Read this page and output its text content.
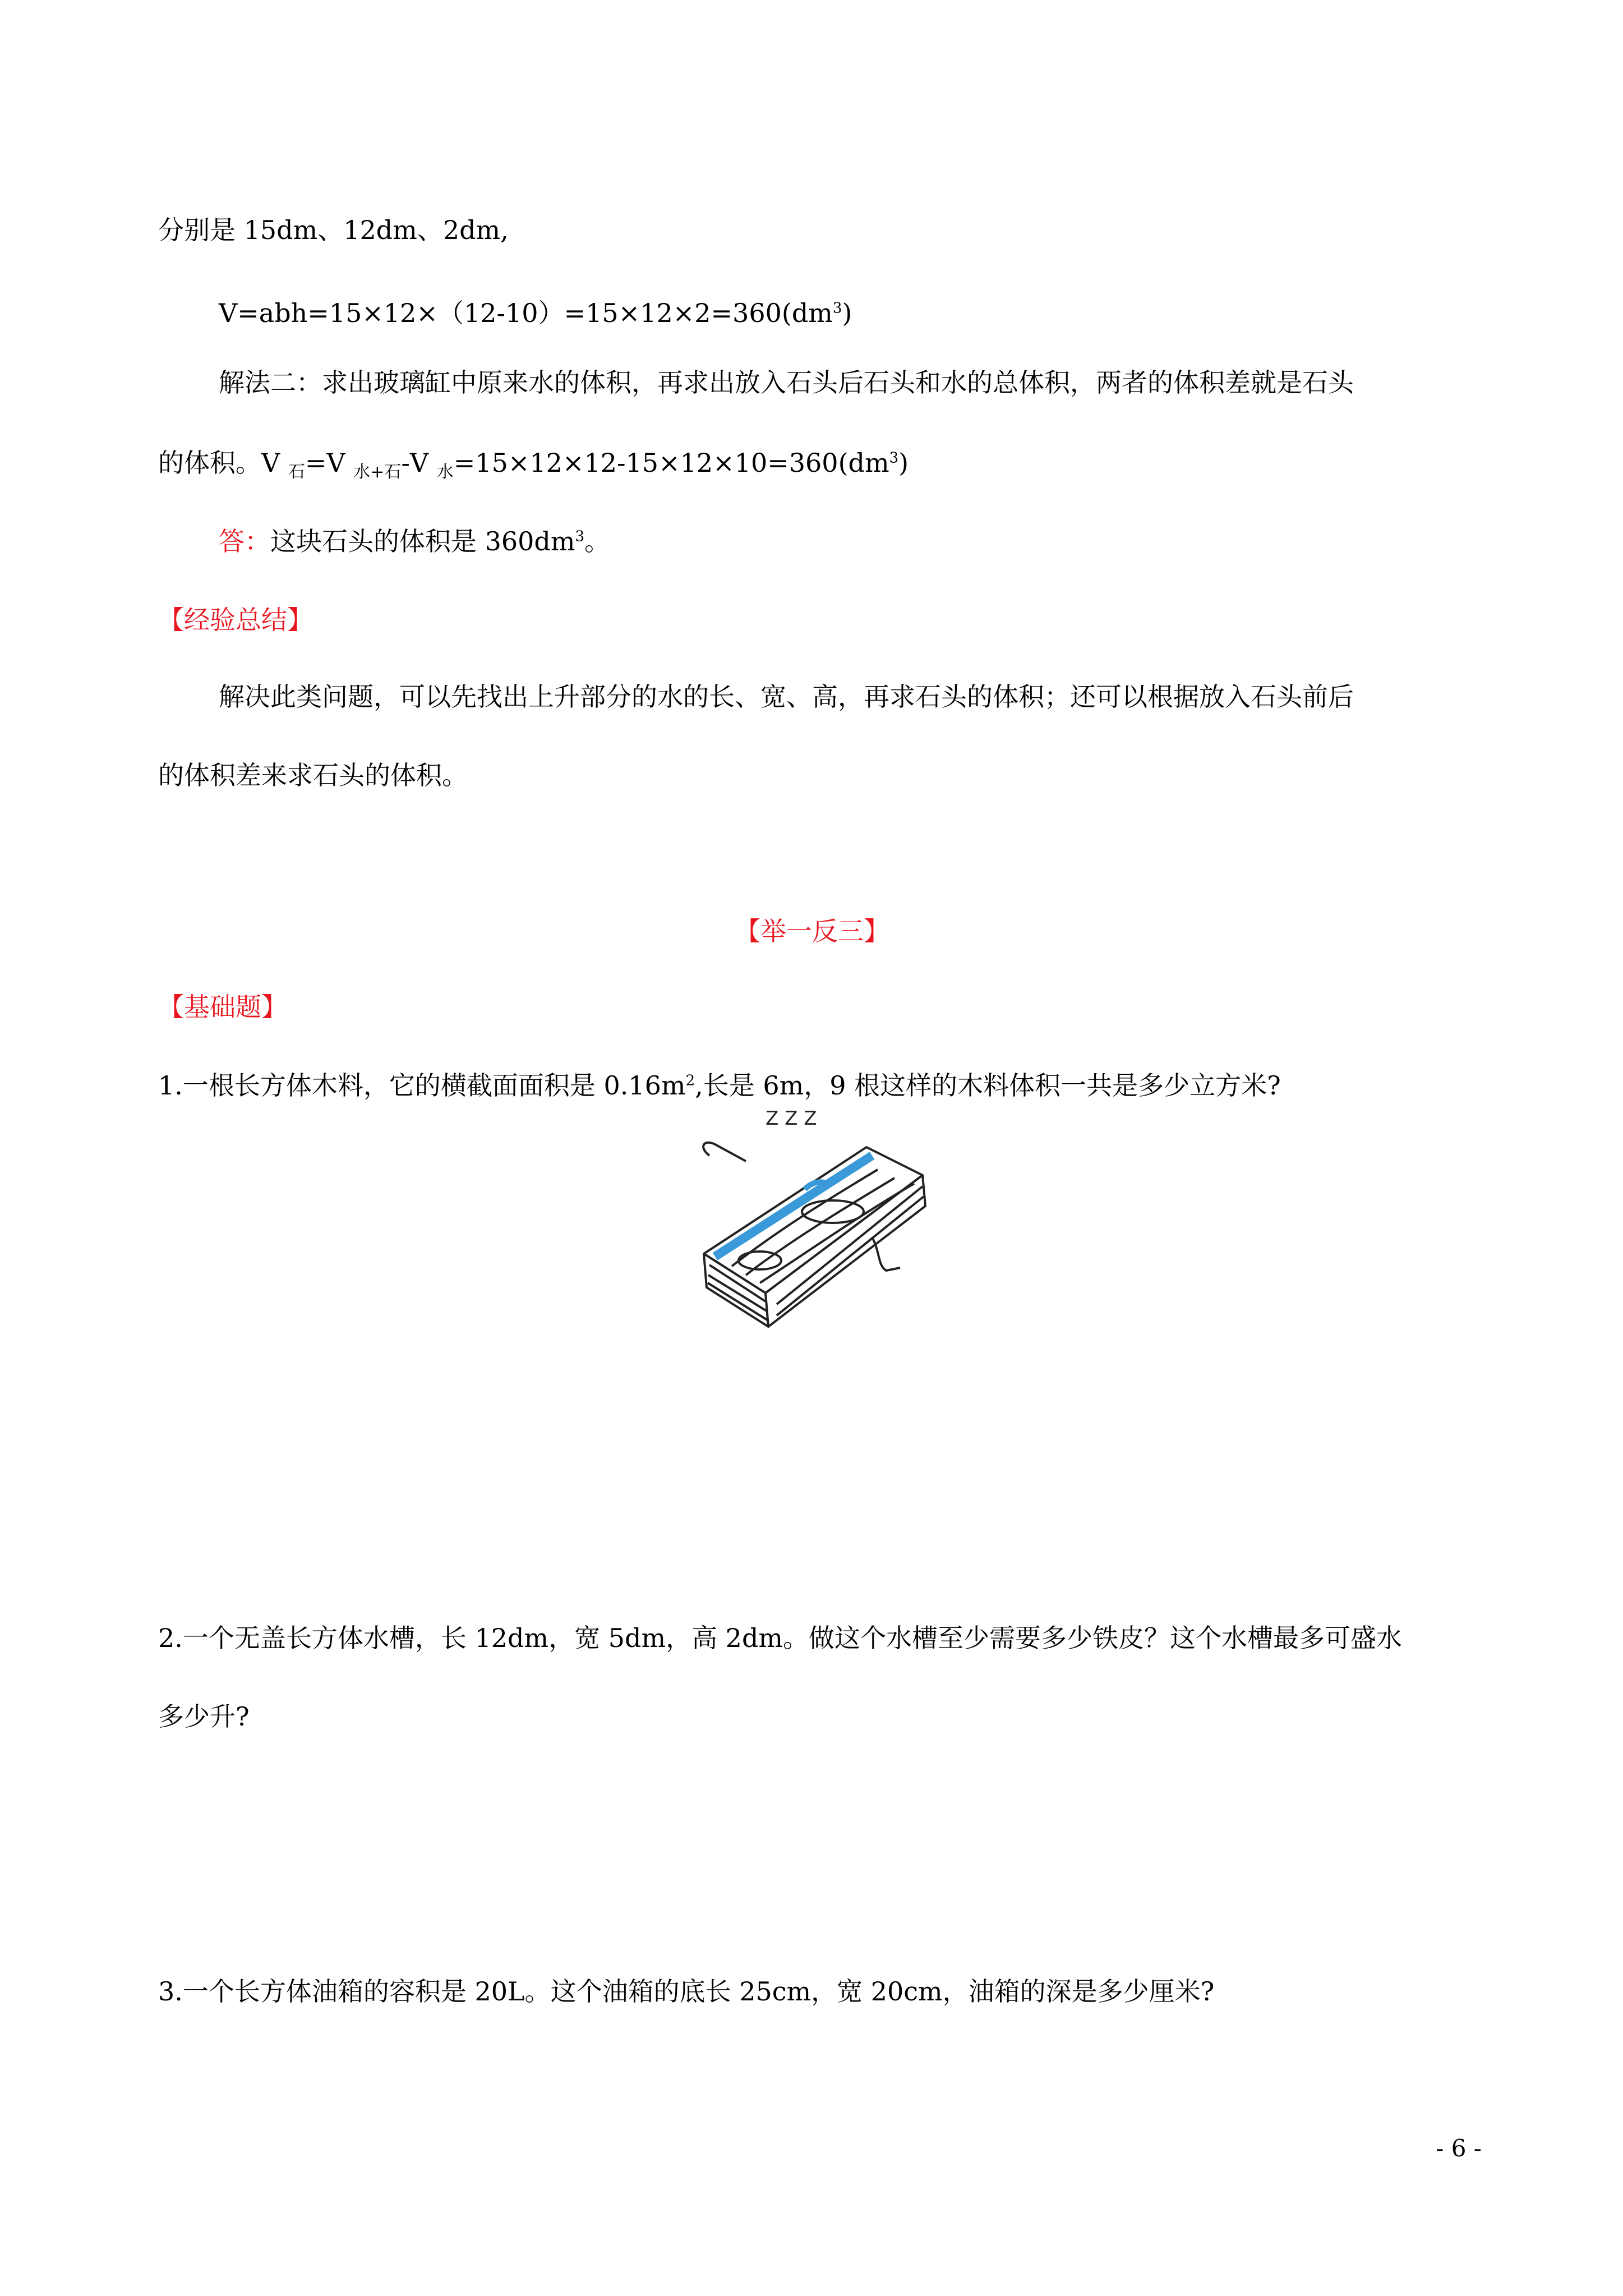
分别是 15dm、12dm、2dm,
$V=abh=15\times 12\times(12-10)=15\times 12\times 2=360(dm^3)$
解法二：求出玻璃缸中原来水的体积，再求出放入石头后石头和水的总体积，两者的体积差就是石头
的体积。V $_石$=V $_{水+石}$-V $_水=15\times 12\times 12-15\times 12\times 10=360(dm^3)$
答：这块石头的体积是 $360dm^3$。
【经验总结】
解决此类问题，可以先找出上升部分的水的长、宽、高，再求石头的体积；还可以根据放入石头前后
的体积差来求石头的体积。
【举一反三】
【基础题】
1.一根长方体木料，它的横截面面积是 $0.16m^2$,长是 6m，9 根这样的木料体积一共是多少立方米?
Z Z Z
2.一个无盖长方体水槽，长 12dm，宽 5dm，高 2dm。做这个水槽至少需要多少铁皮？这个水槽最多可盛水
多少升?
3.一个长方体油箱的容积是 20L。这个油箱的底长 25cm，宽 20cm，油箱的深是多少厘米?
- 6 -
